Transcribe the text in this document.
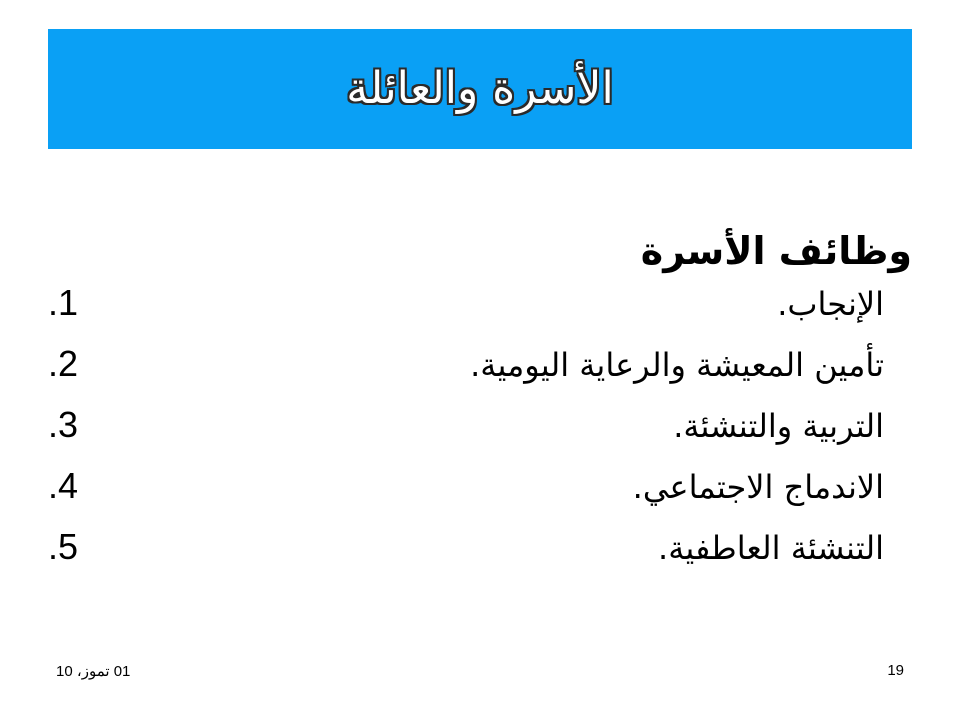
الأسرة والعائلة
وظائف الأسرة
الإنجاب.
.1
تأمين المعيشة والرعاية اليومية.
.2
التربية والتنشئة.
.3
الاندماج الاجتماعي.
.4
التنشئة العاطفية.
.5
01 تموز، 10	19
